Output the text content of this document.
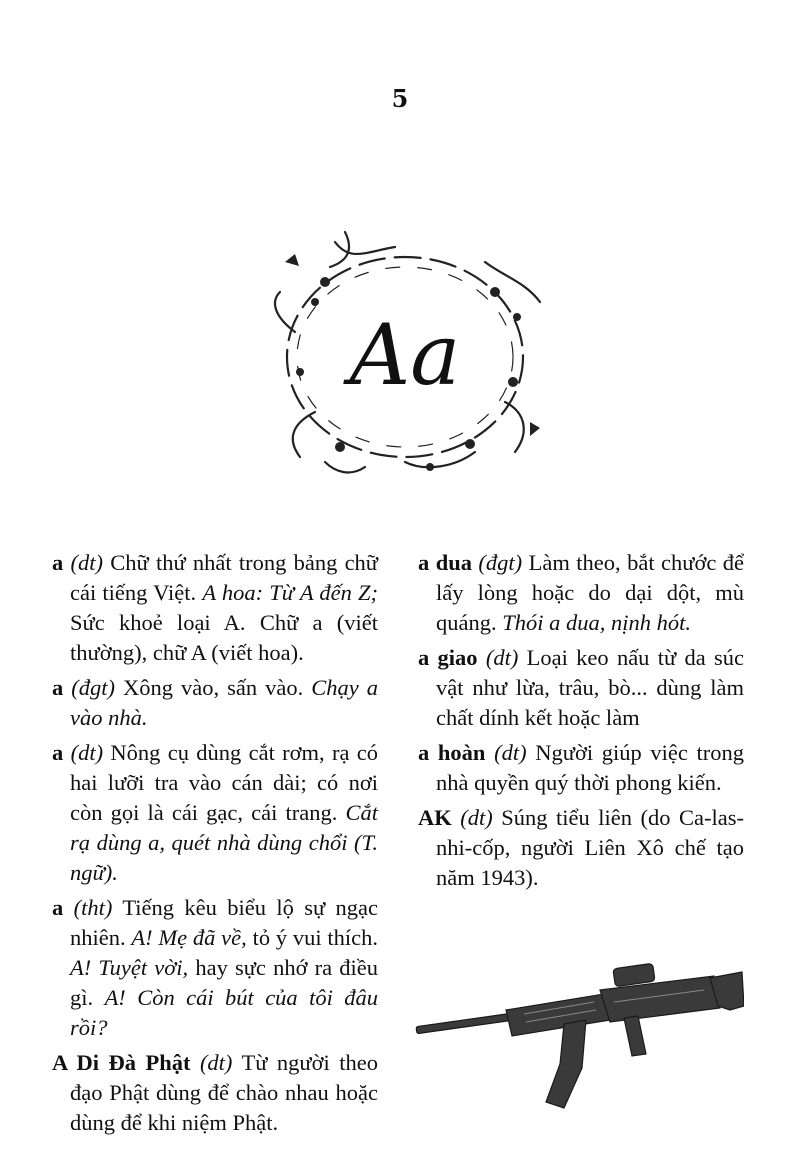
5
Aa
a (dt) Chữ thứ nhất trong bảng chữ cái tiếng Việt. A hoa: Từ A đến Z; Sức khoẻ loại A. Chữ a (viết thường), chữ A (viết hoa).
a (đgt) Xông vào, sấn vào. Chạy a vào nhà.
a (dt) Nông cụ dùng cắt rơm, rạ có hai lưỡi tra vào cán dài; có nơi còn gọi là cái gạc, cái trang. Cắt rạ dùng a, quét nhà dùng chổi (T. ngữ).
a (tht) Tiếng kêu biểu lộ sự ngạc nhiên. A! Mẹ đã về, tỏ ý vui thích. A! Tuyệt vời, hay sực nhớ ra điều gì. A! Còn cái bút của tôi đâu rồi?
A Di Đà Phật (dt) Từ người theo đạo Phật dùng để chào nhau hoặc dùng để khi niệm Phật.
a dua (đgt) Làm theo, bắt chước để lấy lòng hoặc do dại dột, mù quáng. Thói a dua, nịnh hót.
a giao (dt) Loại keo nấu từ da súc vật như lừa, trâu, bò... dùng làm chất dính kết hoặc làm
a hoàn (dt) Người giúp việc trong nhà quyền quý thời phong kiến.
AK (dt) Súng tiểu liên (do Ca-las-nhi-cốp, người Liên Xô chế tạo năm 1943).
